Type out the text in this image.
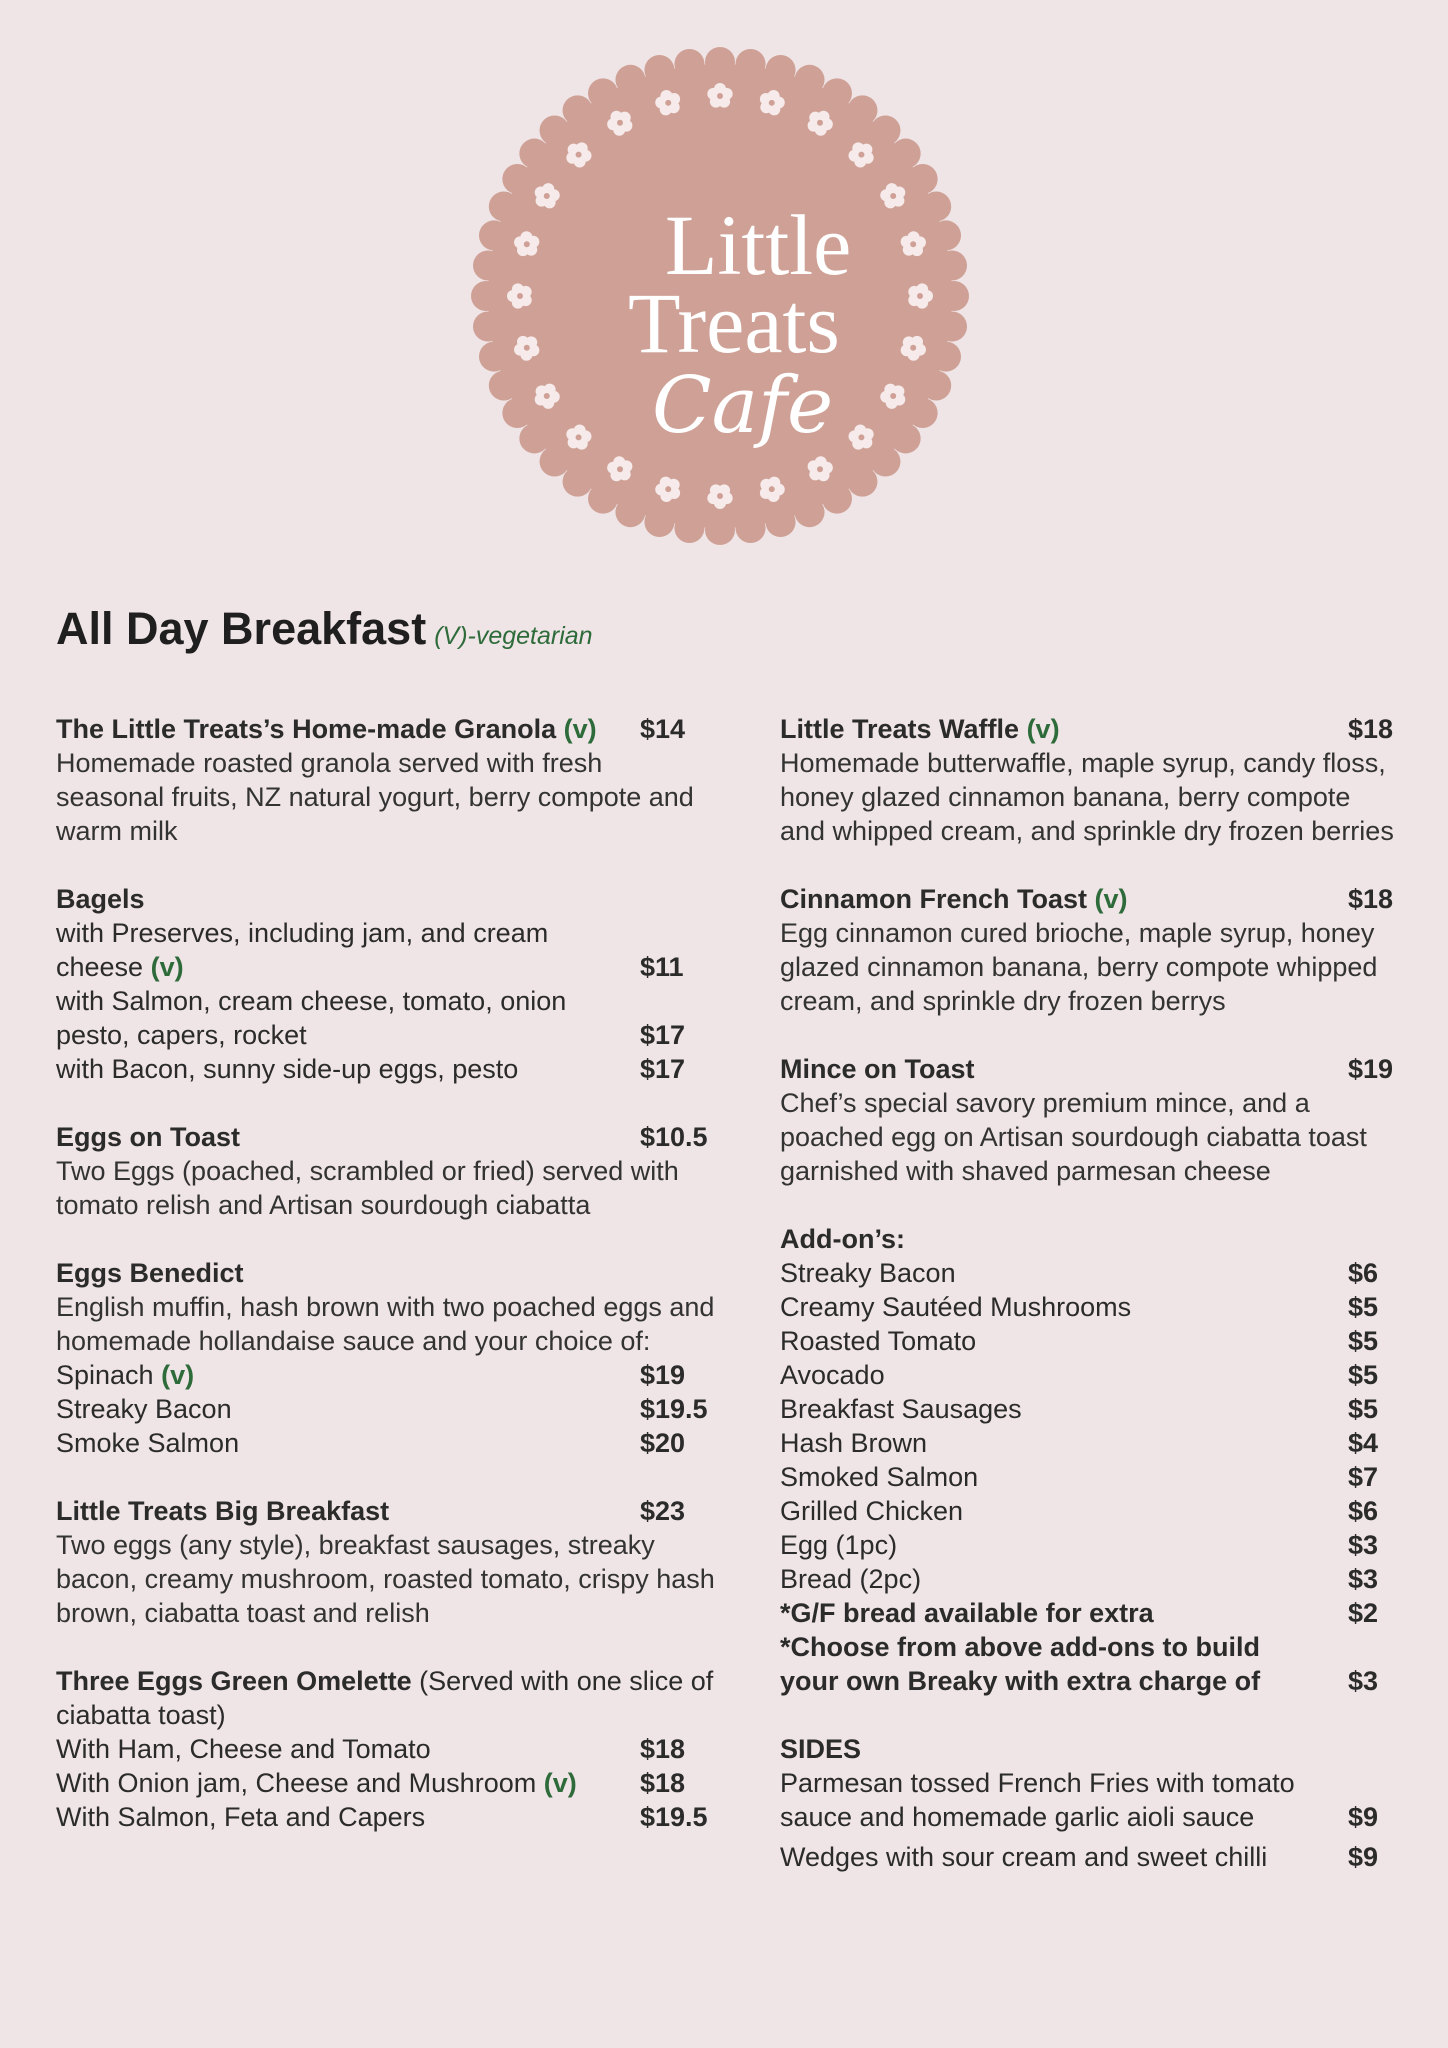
Little
Treats
Cafe
All Day Breakfast (V)-vegetarian
The Little Treats’s Home-made Granola (v)	$14
Homemade roasted granola served with fresh seasonal fruits, NZ natural yogurt, berry compote and warm milk
Bagels
with Preserves, including jam, and cream
cheese (v)	$11
with Salmon, cream cheese, tomato, onion
pesto, capers, rocket	$17
with Bacon, sunny side-up eggs, pesto	$17
Eggs on Toast	$10.5
Two Eggs (poached, scrambled or fried) served with tomato relish and Artisan sourdough ciabatta
Eggs Benedict
English muffin, hash brown with two poached eggs and homemade hollandaise sauce and your choice of:
Spinach (v)	$19
Streaky Bacon	$19.5
Smoke Salmon	$20
Little Treats Big Breakfast	$23
Two eggs (any style), breakfast sausages, streaky bacon, creamy mushroom, roasted tomato, crispy hash brown, ciabatta toast and relish
Three Eggs Green Omelette (Served with one slice of ciabatta toast)
With Ham, Cheese and Tomato	$18
With Onion jam, Cheese and Mushroom (v)	$18
With Salmon, Feta and Capers	$19.5
Little Treats Waffle (v)	$18
Homemade butterwaffle, maple syrup, candy floss, honey glazed cinnamon banana, berry compote and whipped cream, and sprinkle dry frozen berries
Cinnamon French Toast (v)	$18
Egg cinnamon cured brioche, maple syrup, honey glazed cinnamon banana, berry compote whipped cream, and sprinkle dry frozen berrys
Mince on Toast	$19
Chef’s special savory premium mince, and a poached egg on Artisan sourdough ciabatta toast garnished with shaved parmesan cheese
Add-on’s:
Streaky Bacon	$6
Creamy Sautéed Mushrooms	$5
Roasted Tomato	$5
Avocado	$5
Breakfast Sausages	$5
Hash Brown	$4
Smoked Salmon	$7
Grilled Chicken	$6
Egg (1pc)	$3
Bread (2pc)	$3
*G/F bread available for extra	$2
*Choose from above add-ons to build
your own Breaky with extra charge of	$3
SIDES
Parmesan tossed French Fries with tomato
sauce and homemade garlic aioli sauce	$9
Wedges with sour cream and sweet chilli	$9
